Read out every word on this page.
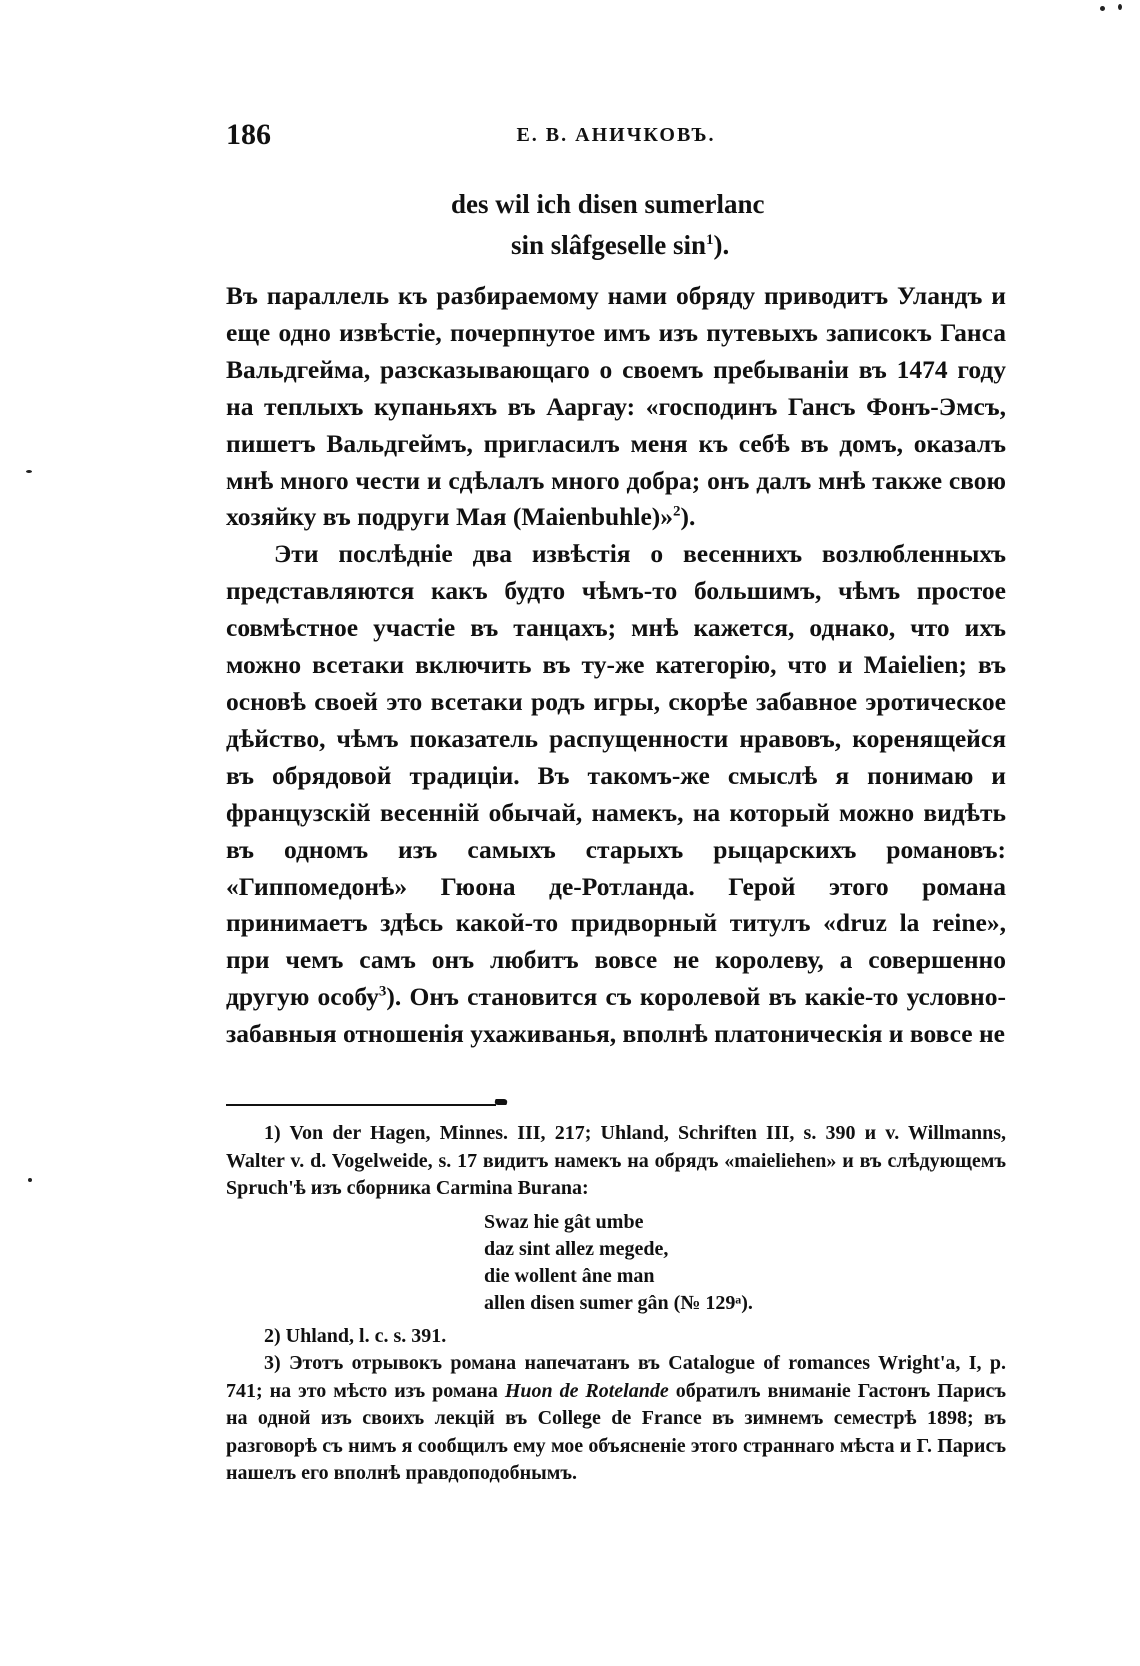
186	Е. В. АНИЧКОВЪ.
des wil ich disen sumerlanc
sin slâfgeselle $\sin^1$).

Въ параллель къ разбираемому нами обряду приводитъ Уландъ и еще одно извѣстіе, почерпнутое имъ изъ путевыхъ записокъ Ганса Вальдгейма, разсказывающаго о своемъ пребываніи въ 1474 году на теплыхъ купаньяхъ въ Ааргау: «господинъ Гансъ Фонъ-Эмсъ, пишетъ Вальдгеймъ, пригласилъ меня къ себѣ въ домъ, оказалъ мнѣ много чести и сдѣлалъ много добра; онъ далъ мнѣ также свою хозяйку въ подруги Мая (Maienbuhle)»$^2$).

Эти послѣдніе два извѣстія о весеннихъ возлюбленныхъ представляются какъ будто чѣмъ-то большимъ, чѣмъ простое совмѣстное участіе въ танцахъ; мнѣ кажется, однако, что ихъ можно всетаки включить въ ту-же категорію, что и Maielien; въ основѣ своей это всетаки родъ игры, скорѣе забавное эротическое дѣйство, чѣмъ показатель распущенности нравовъ, коренящейся въ обрядовой традиціи. Въ такомъ-же смыслѣ я понимаю и французскій весенній обычай, намекъ, на который можно видѣть въ одномъ изъ самыхъ старыхъ рыцарскихъ романовъ: «Гиппомедонѣ» Гюона де-Ротланда. Герой этого романа принимаетъ здѣсь какой-то придворный титулъ «druz la reine», при чемъ самъ онъ любитъ вовсе не королеву, а совершенно другую особу$^3$). Онъ становится съ королевой въ какіе-то условно-забавныя отношенія ухаживанья, вполнѣ платоническія и вовсе не

1) Von der Hagen, Minnes. III, 217; Uhland, Schriften III, s. 390 и v. Willmanns, Walter v. d. Vogelweide, s. 17 видитъ намекъ на обрядъ «maieliehen» и въ слѣдующемъ Spruch'ѣ изъ сборника Carmina Burana:

Swaz hie gât umbe
daz sint allez megede,
die wollent âne man
allen disen sumer gân (№ 129ᵃ).

2) Uhland, l. c. s. 391.

3) Этотъ отрывокъ романа напечатанъ въ Catalogue of romances Wright'a, I, p. 741; на это мѣсто изъ романа Huon de Rotelande обратилъ вниманіе Гастонъ Парисъ на одной изъ своихъ лекцій въ College de France въ зимнемъ семестрѣ 1898; въ разговорѣ съ нимъ я сообщилъ ему мое объясненіе этого страннаго мѣста и Г. Парисъ нашелъ его вполнѣ правдоподобнымъ.
